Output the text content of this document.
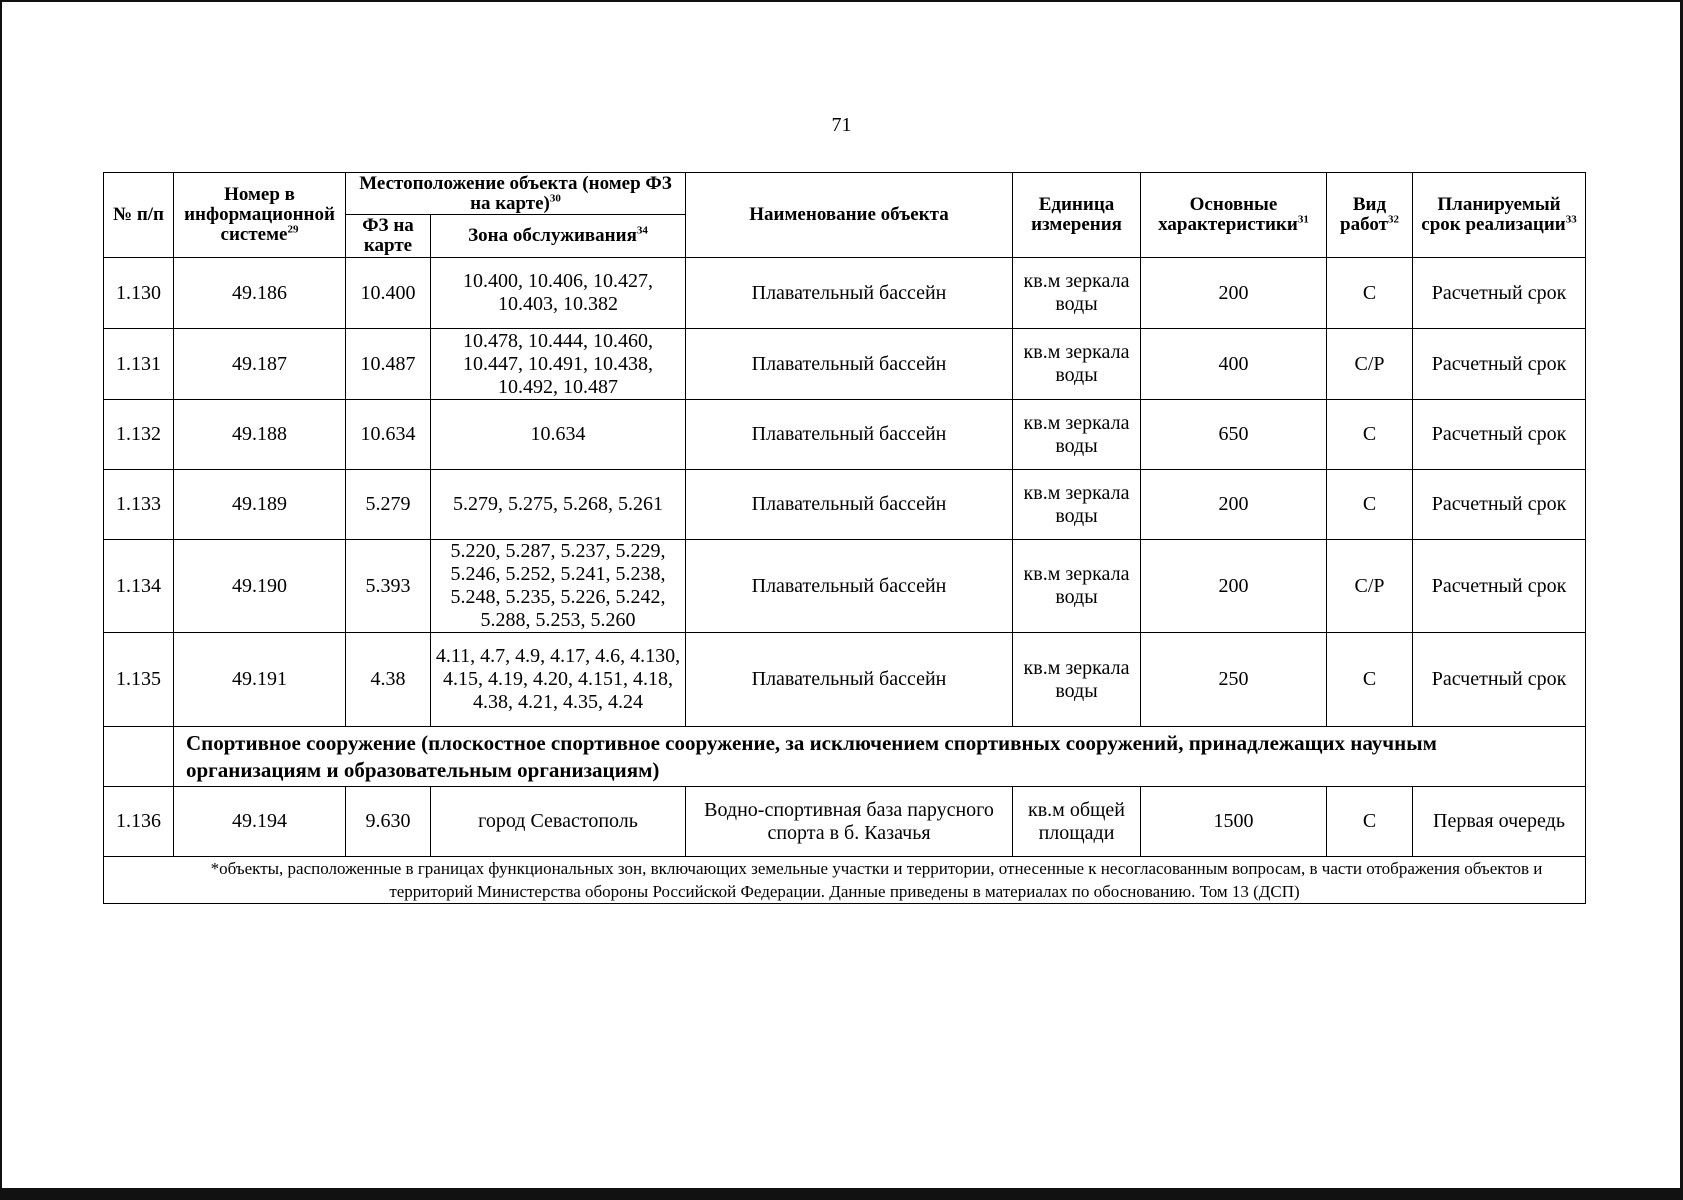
71
№ п/п	Номер в информационной системе$^{29}$	Местоположение объекта (номер ФЗ на карте)$^{30}$		Наименование объекта	Единица измерения	Основные характеристики$^{31}$	Вид работ$^{32}$	Планируемый срок реализации$^{33}$
		ФЗ на карте	Зона обслуживания$^{34}$
1.130	49.186	10.400	10.400, 10.406, 10.427, 10.403, 10.382	Плавательный бассейн	кв.м зеркала воды	200	С	Расчетный срок
1.131	49.187	10.487	10.478, 10.444, 10.460, 10.447, 10.491, 10.438, 10.492, 10.487	Плавательный бассейн	кв.м зеркала воды	400	С/Р	Расчетный срок
1.132	49.188	10.634	10.634	Плавательный бассейн	кв.м зеркала воды	650	С	Расчетный срок
1.133	49.189	5.279	5.279, 5.275, 5.268, 5.261	Плавательный бассейн	кв.м зеркала воды	200	С	Расчетный срок
1.134	49.190	5.393	5.220, 5.287, 5.237, 5.229, 5.246, 5.252, 5.241, 5.238, 5.248, 5.235, 5.226, 5.242, 5.288, 5.253, 5.260	Плавательный бассейн	кв.м зеркала воды	200	С/Р	Расчетный срок
1.135	49.191	4.38	4.11, 4.7, 4.9, 4.17, 4.6, 4.130, 4.15, 4.19, 4.20, 4.151, 4.18, 4.38, 4.21, 4.35, 4.24	Плавательный бассейн	кв.м зеркала воды	250	С	Расчетный срок
	Спортивное сооружение (плоскостное спортивное сооружение, за исключением спортивных сооружений, принадлежащих научным организациям и образовательным организациям)							
1.136	49.194	9.630	город Севастополь	Водно-спортивная база парусного спорта в б. Казачья	кв.м общей площади	1500	С	Первая очередь
*объекты, расположенные в границах функциональных зон, включающих земельные участки и территории, отнесенные к несогласованным вопросам, в части отображения объектов и территорий Министерства обороны Российской Федерации. Данные приведены в материалах по обоснованию. Том 13 (ДСП)								
